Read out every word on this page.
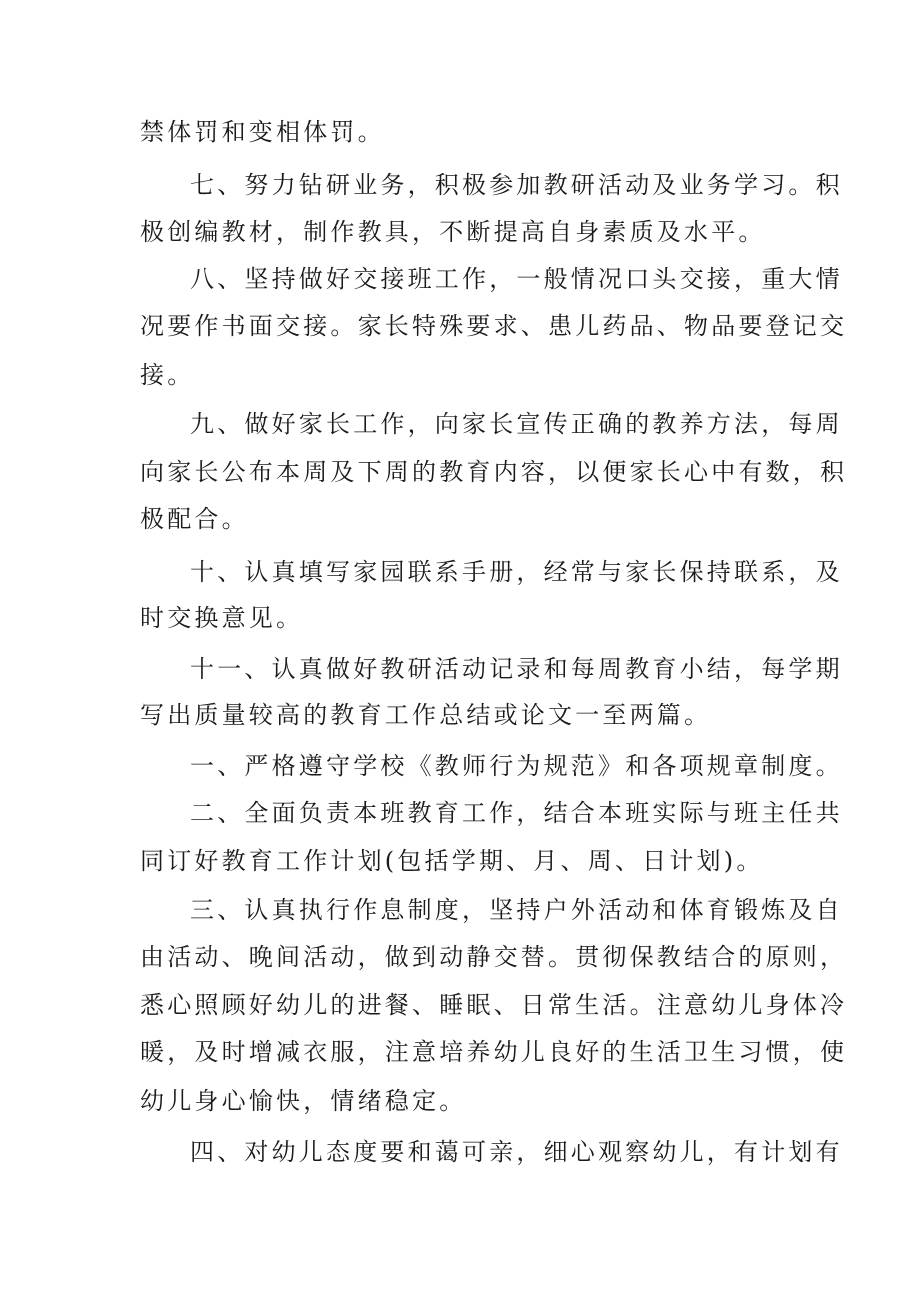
禁体罚和变相体罚。
七、努力钻研业务，积极参加教研活动及业务学习。积
极创编教材，制作教具，不断提高自身素质及水平。
八、坚持做好交接班工作，一般情况口头交接，重大情
况要作书面交接。家长特殊要求、患儿药品、物品要登记交
接。
九、做好家长工作，向家长宣传正确的教养方法，每周
向家长公布本周及下周的教育内容，以便家长心中有数，积
极配合。
十、认真填写家园联系手册，经常与家长保持联系，及
时交换意见。
十一、认真做好教研活动记录和每周教育小结，每学期
写出质量较高的教育工作总结或论文一至两篇。
一、严格遵守学校《教师行为规范》和各项规章制度。
二、全面负责本班教育工作，结合本班实际与班主任共
同订好教育工作计划(包括学期、月、周、日计划)。
三、认真执行作息制度，坚持户外活动和体育锻炼及自
由活动、晚间活动，做到动静交替。贯彻保教结合的原则，
悉心照顾好幼儿的进餐、睡眠、日常生活。注意幼儿身体冷
暖，及时增减衣服，注意培养幼儿良好的生活卫生习惯，使
幼儿身心愉快，情绪稳定。
四、对幼儿态度要和蔼可亲，细心观察幼儿，有计划有
